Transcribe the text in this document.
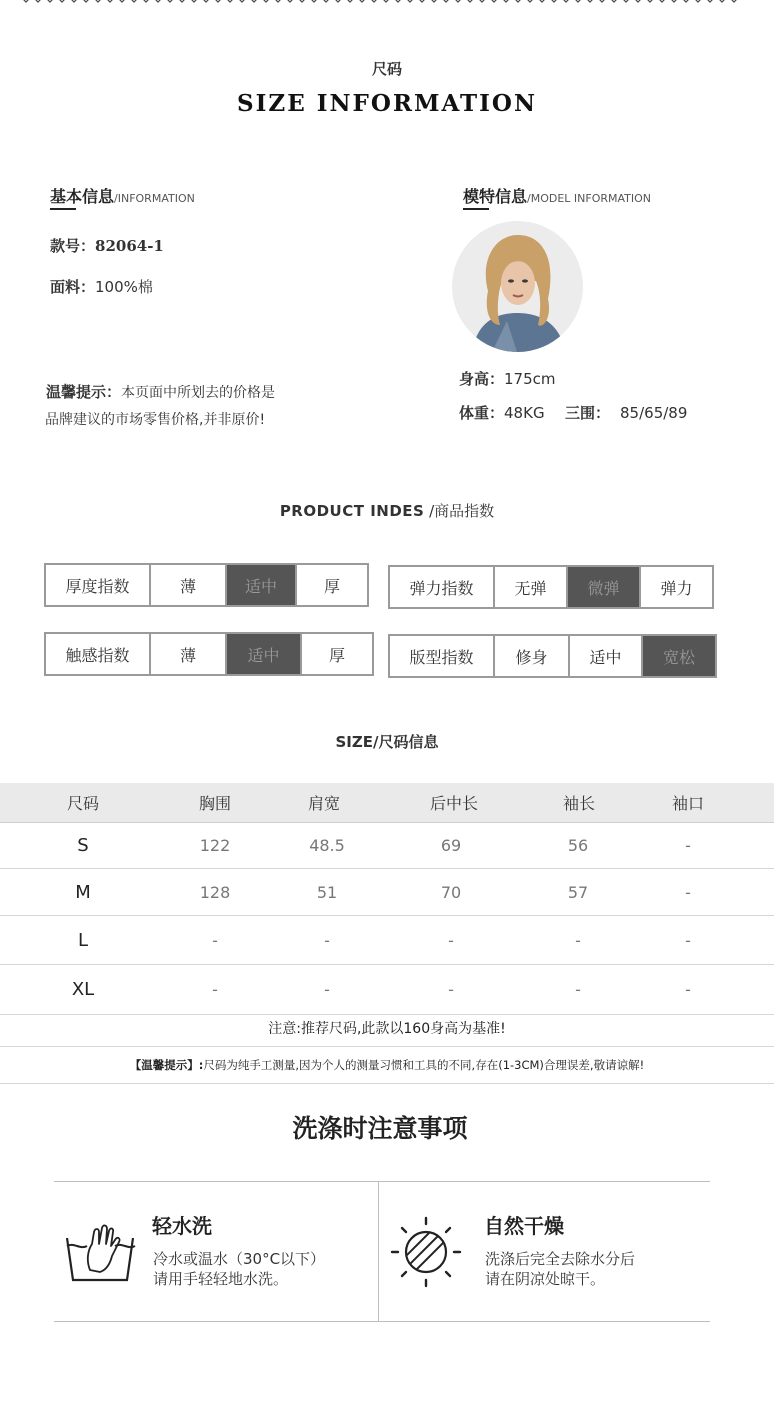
尺码
SIZE INFORMATION
基本信息/INFORMATION
款号：82064-1
面料：100%棉
温馨提示：本页面中所划去的价格是
品牌建议的市场零售价格,并非原价!
模特信息/MODEL INFORMATION
身高：175cm
体重：48KG 三围： 85/65/89
PRODUCT INDES /商品指数
厚度指数	薄	适中	厚	弹力指数	无弹	微弹	弹力
触感指数	薄	适中	厚	版型指数	修身	适中	宽松
SIZE/尺码信息
尺码	胸围	肩宽	后中长	袖长	袖口
S	122	48.5	69	56	-
M	128	51	70	57	-
L	-	-	-	-	-
XL	-	-	-	-	-
注意:推荐尺码,此款以160身高为基准!
【温馨提示】:尺码为纯手工测量,因为个人的测量习惯和工具的不同,存在(1-3CM)合理误差,敬请谅解!
洗涤时注意事项
轻水洗
冷水或温水（30°C以下）
请用手轻轻地水洗。
自然干燥
洗涤后完全去除水分后
请在阴凉处晾干。
